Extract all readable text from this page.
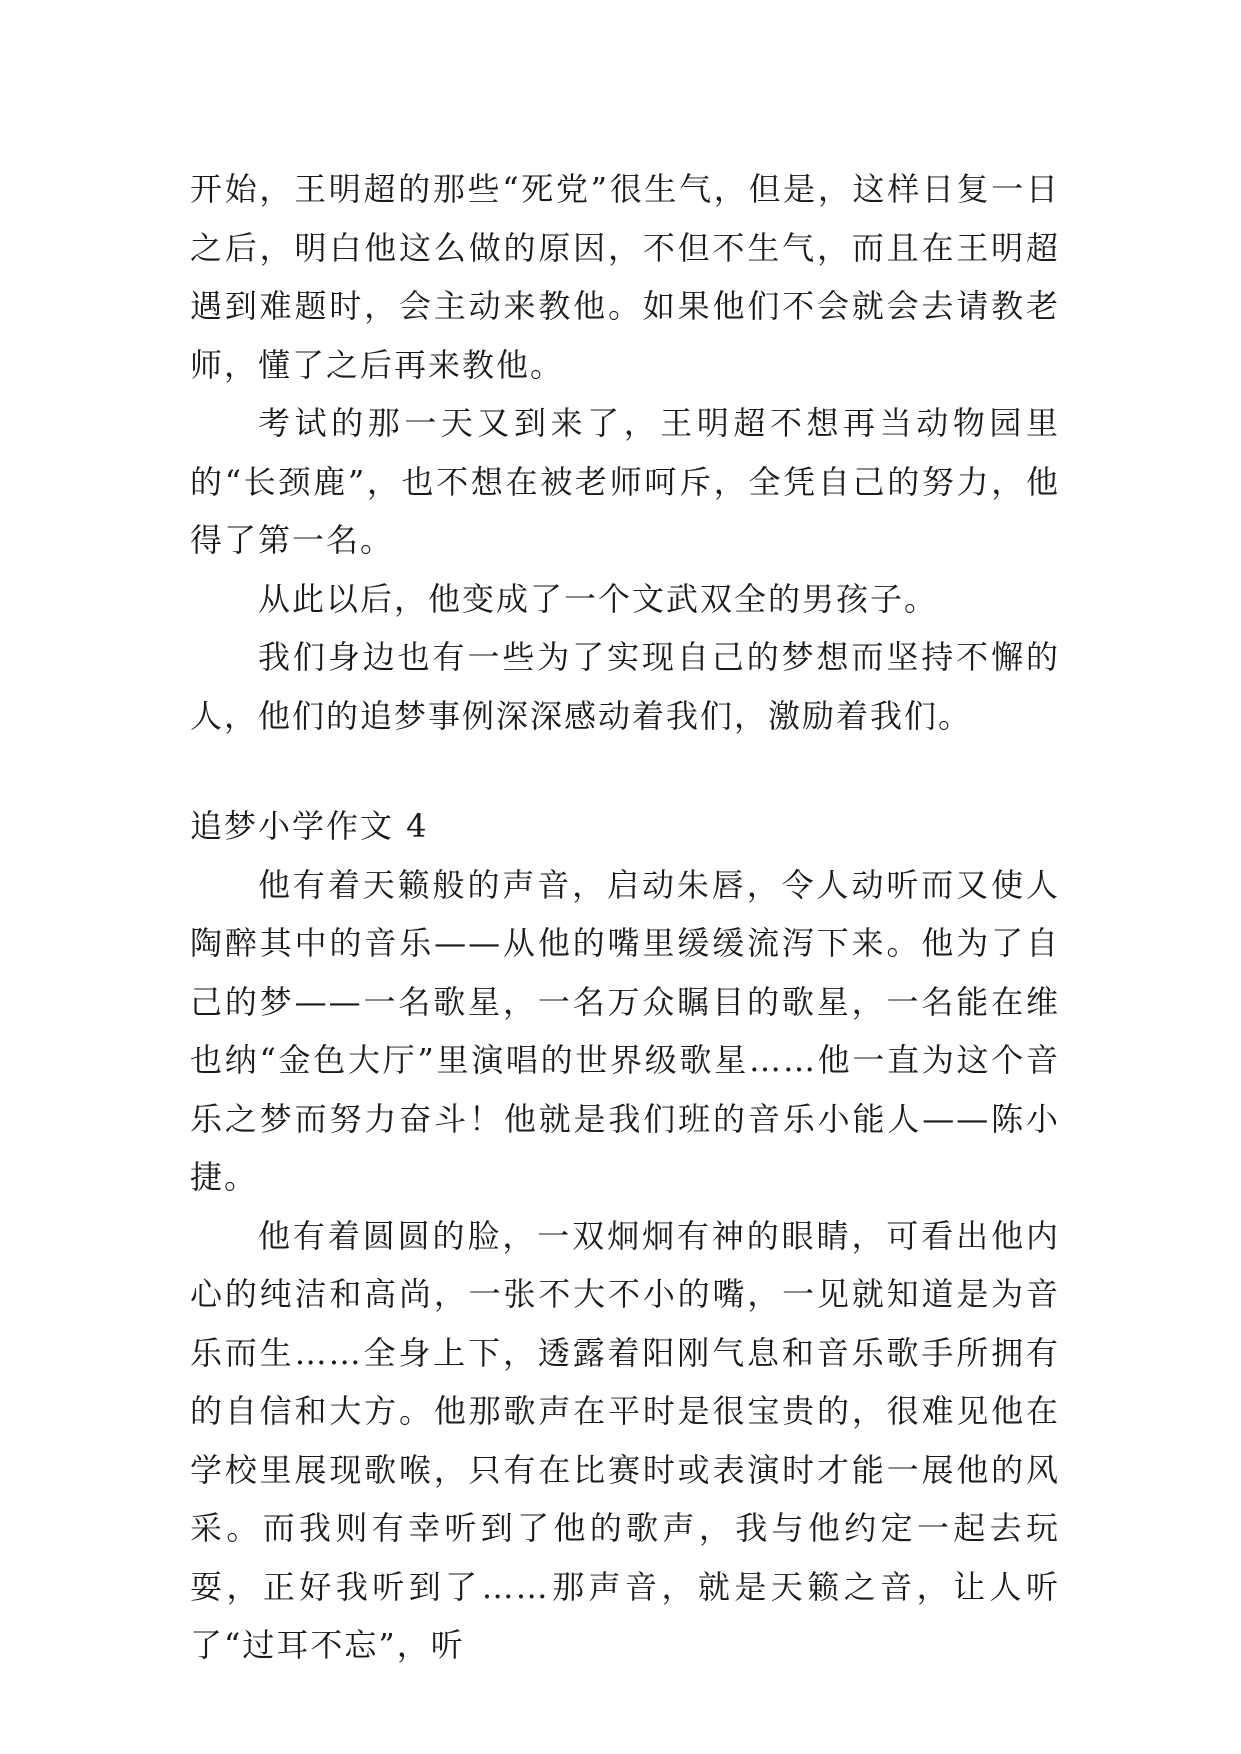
开始，王明超的那些“死党”很生气，但是，这样日复一日之后，明白他这么做的原因，不但不生气，而且在王明超遇到难题时，会主动来教他。如果他们不会就会去请教老师，懂了之后再来教他。

考试的那一天又到来了，王明超不想再当动物园里的“长颈鹿”，也不想在被老师呵斥，全凭自己的努力，他得了第一名。

从此以后，他变成了一个文武双全的男孩子。

我们身边也有一些为了实现自己的梦想而坚持不懈的人，他们的追梦事例深深感动着我们，激励着我们。

追梦小学作文 4

他有着天籁般的声音，启动朱唇，令人动听而又使人陶醉其中的音乐——从他的嘴里缓缓流泻下来。他为了自己的梦——一名歌星，一名万众瞩目的歌星，一名能在维也纳“金色大厅”里演唱的世界级歌星……他一直为这个音乐之梦而努力奋斗！他就是我们班的音乐小能人——陈小捷。

他有着圆圆的脸，一双炯炯有神的眼睛，可看出他内心的纯洁和高尚，一张不大不小的嘴，一见就知道是为音乐而生……全身上下，透露着阳刚气息和音乐歌手所拥有的自信和大方。他那歌声在平时是很宝贵的，很难见他在学校里展现歌喉，只有在比赛时或表演时才能一展他的风采。而我则有幸听到了他的歌声，我与他约定一起去玩耍，正好我听到了……那声音，就是天籁之音，让人听了“过耳不忘”，听
